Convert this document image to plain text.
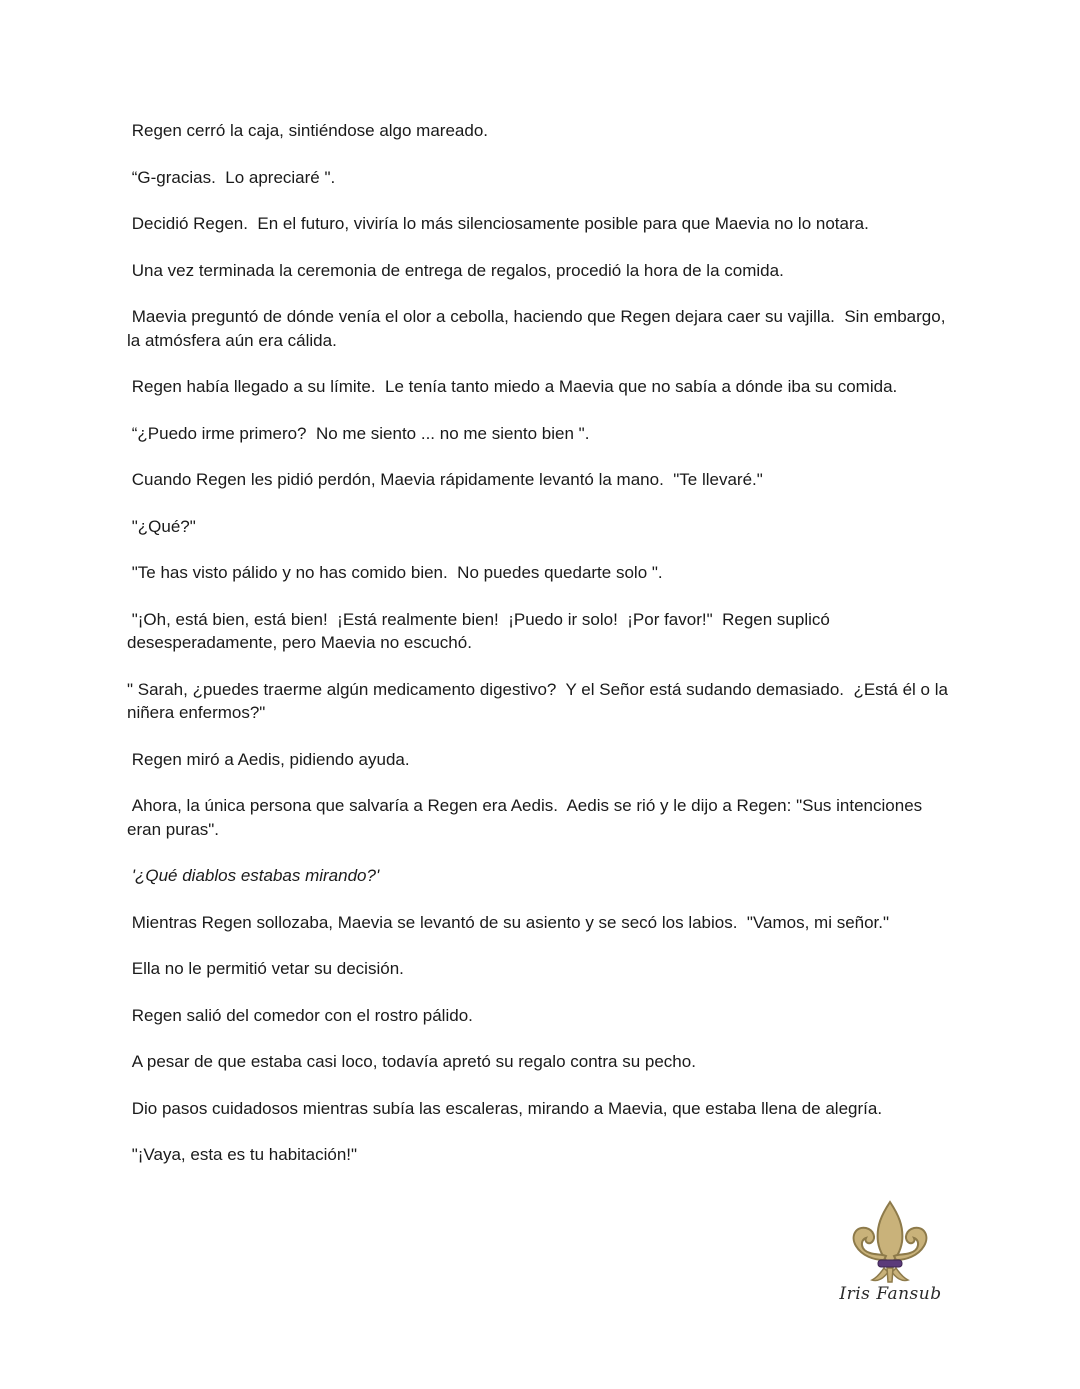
Regen cerró la caja, sintiéndose algo mareado.

“G-gracias.  Lo apreciaré ".

Decidió Regen.  En el futuro, viviría lo más silenciosamente posible para que Maevia no lo notara.

Una vez terminada la ceremonia de entrega de regalos, procedió la hora de la comida.

Maevia preguntó de dónde venía el olor a cebolla, haciendo que Regen dejara caer su vajilla.  Sin embargo, la atmósfera aún era cálida.

Regen había llegado a su límite.  Le tenía tanto miedo a Maevia que no sabía a dónde iba su comida.

“¿Puedo irme primero?  No me siento ... no me siento bien ".

Cuando Regen les pidió perdón, Maevia rápidamente levantó la mano.  "Te llevaré."

"¿Qué?"

"Te has visto pálido y no has comido bien.  No puedes quedarte solo ".

"¡Oh, está bien, está bien!  ¡Está realmente bien!  ¡Puedo ir solo!  ¡Por favor!"  Regen suplicó desesperadamente, pero Maevia no escuchó.

" Sarah, ¿puedes traerme algún medicamento digestivo?  Y el Señor está sudando demasiado.  ¿Está él o la niñera enfermos?"

Regen miró a Aedis, pidiendo ayuda.

Ahora, la única persona que salvaría a Regen era Aedis.  Aedis se rió y le dijo a Regen: "Sus intenciones eran puras".

'¿Qué diablos estabas mirando?'

Mientras Regen sollozaba, Maevia se levantó de su asiento y se secó los labios.  "Vamos, mi señor."

Ella no le permitió vetar su decisión.

Regen salió del comedor con el rostro pálido.

A pesar de que estaba casi loco, todavía apretó su regalo contra su pecho.

Dio pasos cuidadosos mientras subía las escaleras, mirando a Maevia, que estaba llena de alegría.

"¡Vaya, esta es tu habitación!"

Iris Fansub
